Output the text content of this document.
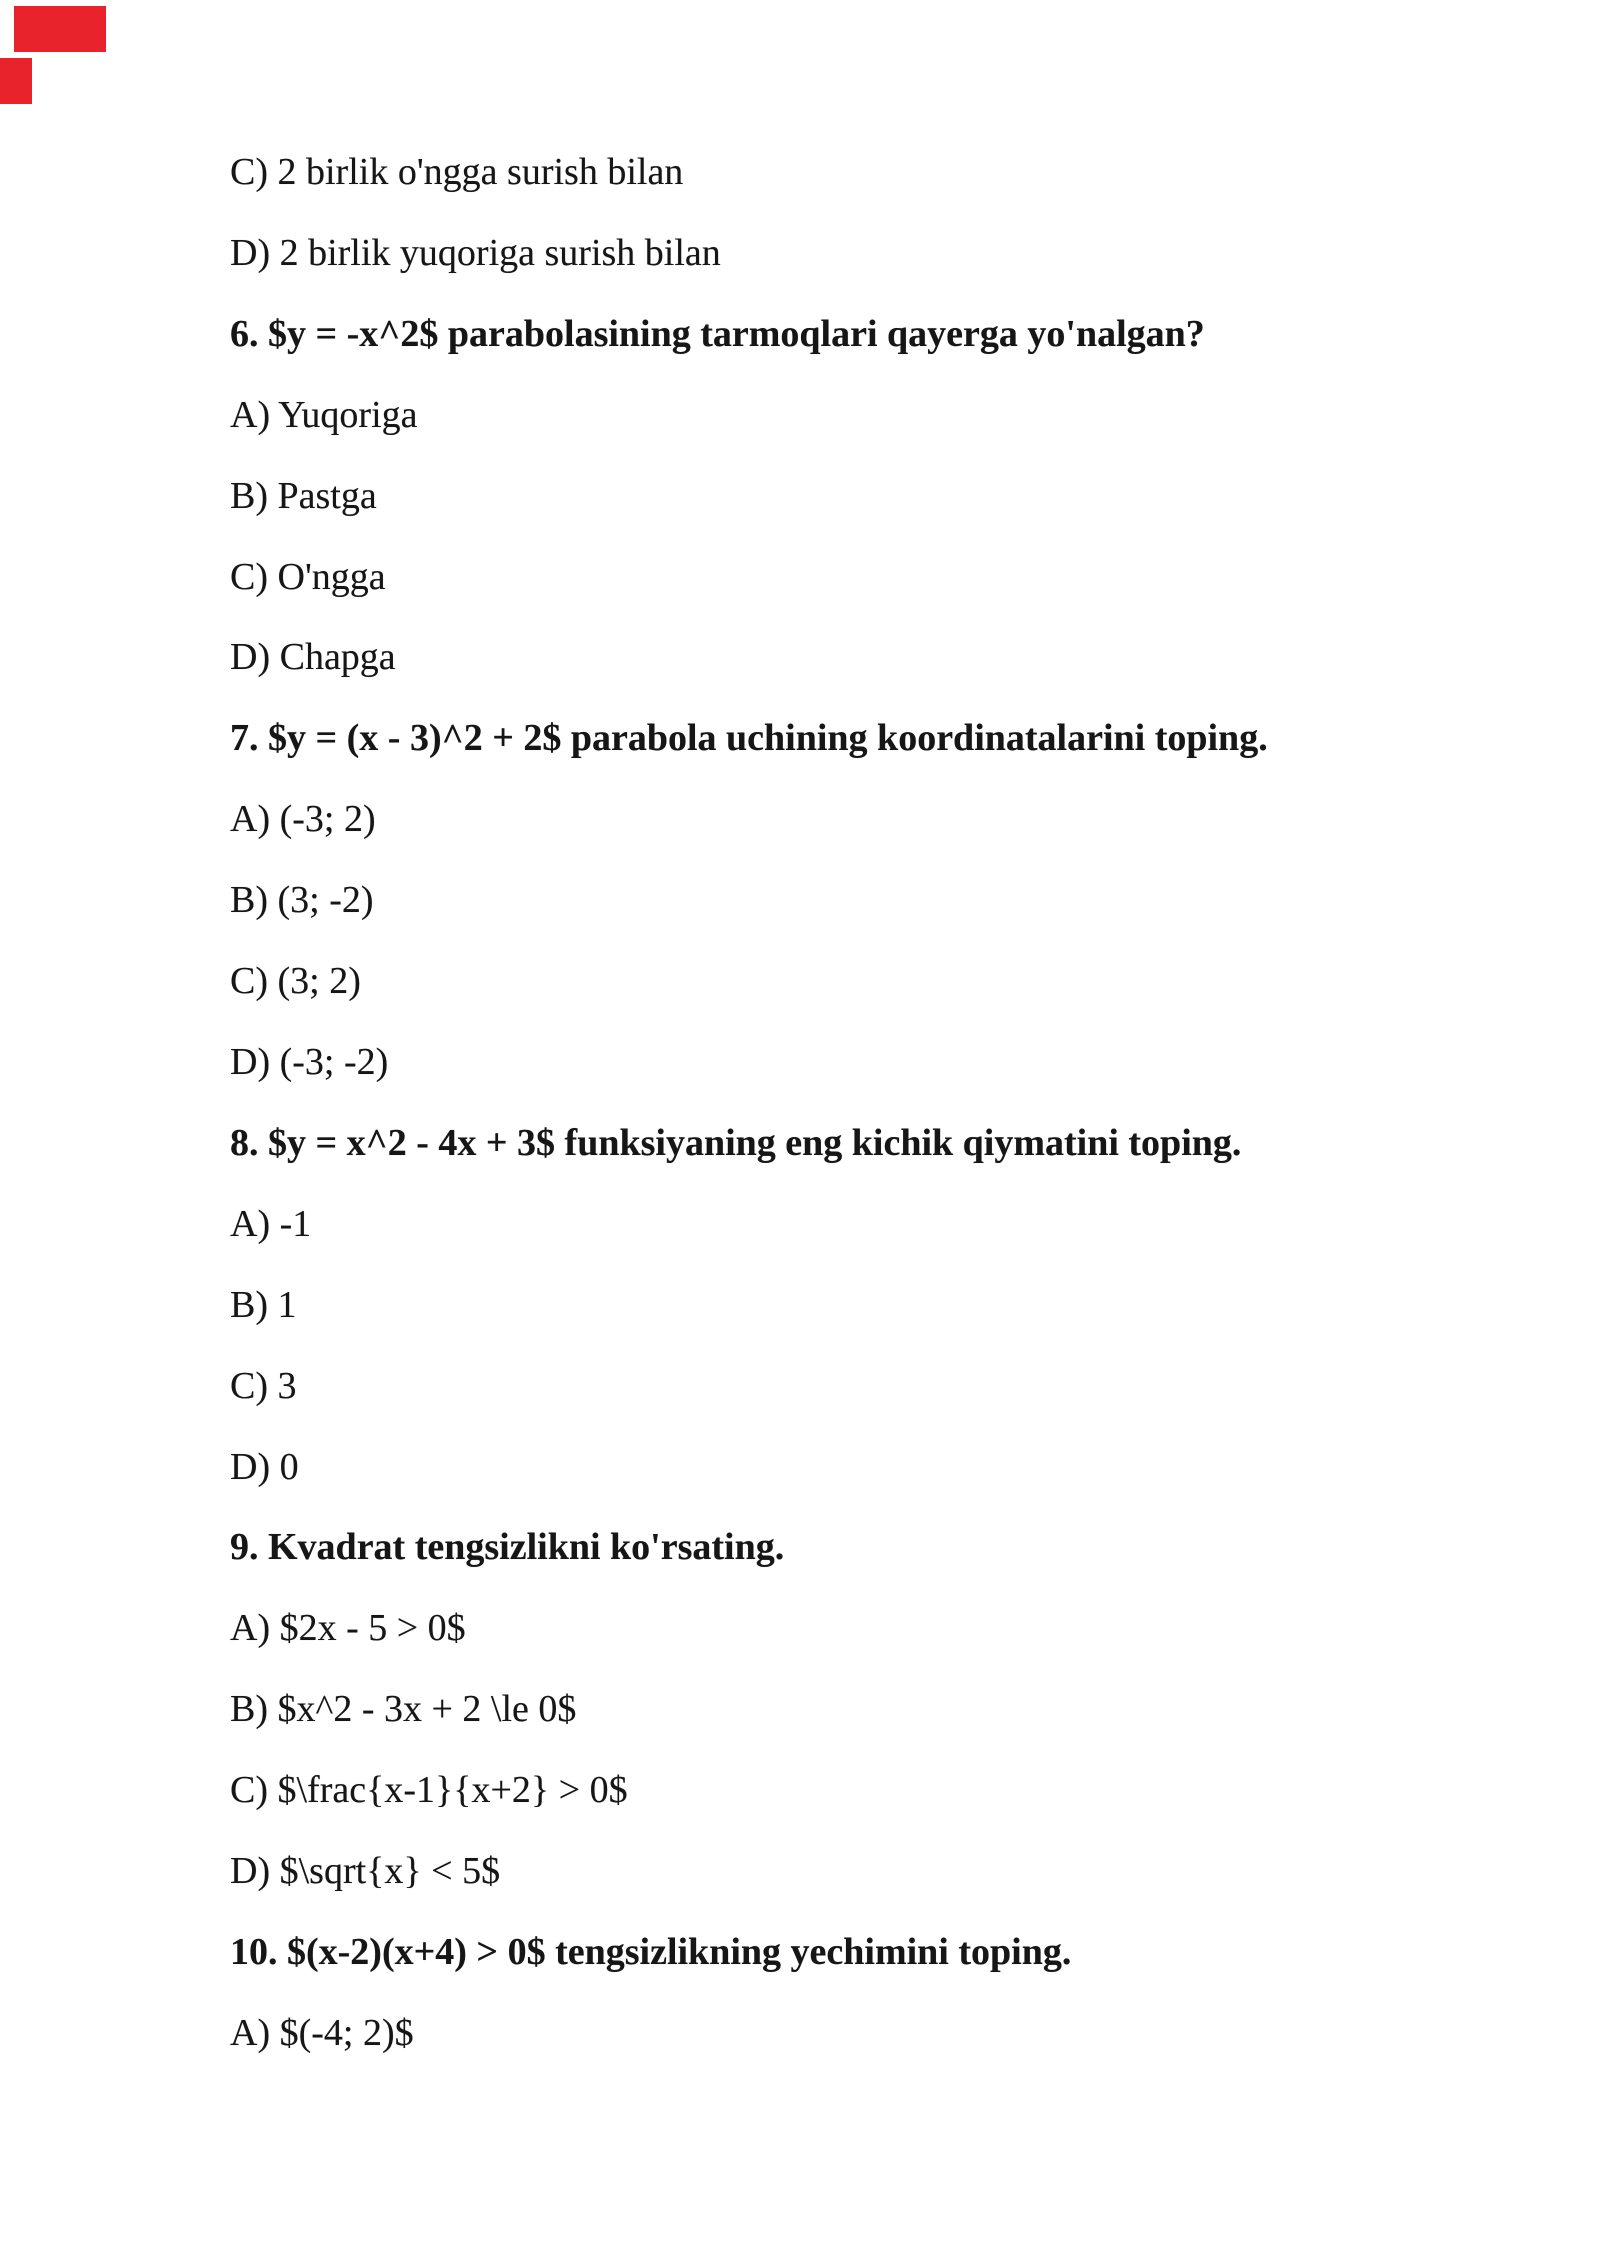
C) 2 birlik o'ngga surish bilan

D) 2 birlik yuqoriga surish bilan

6. $y = -x^2$ parabolasining tarmoqlari qayerga yo'nalgan?

A) Yuqoriga

B) Pastga

C) O'ngga

D) Chapga

7. $y = (x - 3)^2 + 2$ parabola uchining koordinatalarini toping.

A) (-3; 2)

B) (3; -2)

C) (3; 2)

D) (-3; -2)

8. $y = x^2 - 4x + 3$ funksiyaning eng kichik qiymatini toping.

A) -1

B) 1

C) 3

D) 0

9. Kvadrat tengsizlikni ko'rsating.

A) $2x - 5 > 0$

B) $x^2 - 3x + 2 \le 0$

C) $\frac{x-1}{x+2} > 0$

D) $\sqrt{x} < 5$

10. $(x-2)(x+4) > 0$ tengsizlikning yechimini toping.

A) $(-4; 2)$
